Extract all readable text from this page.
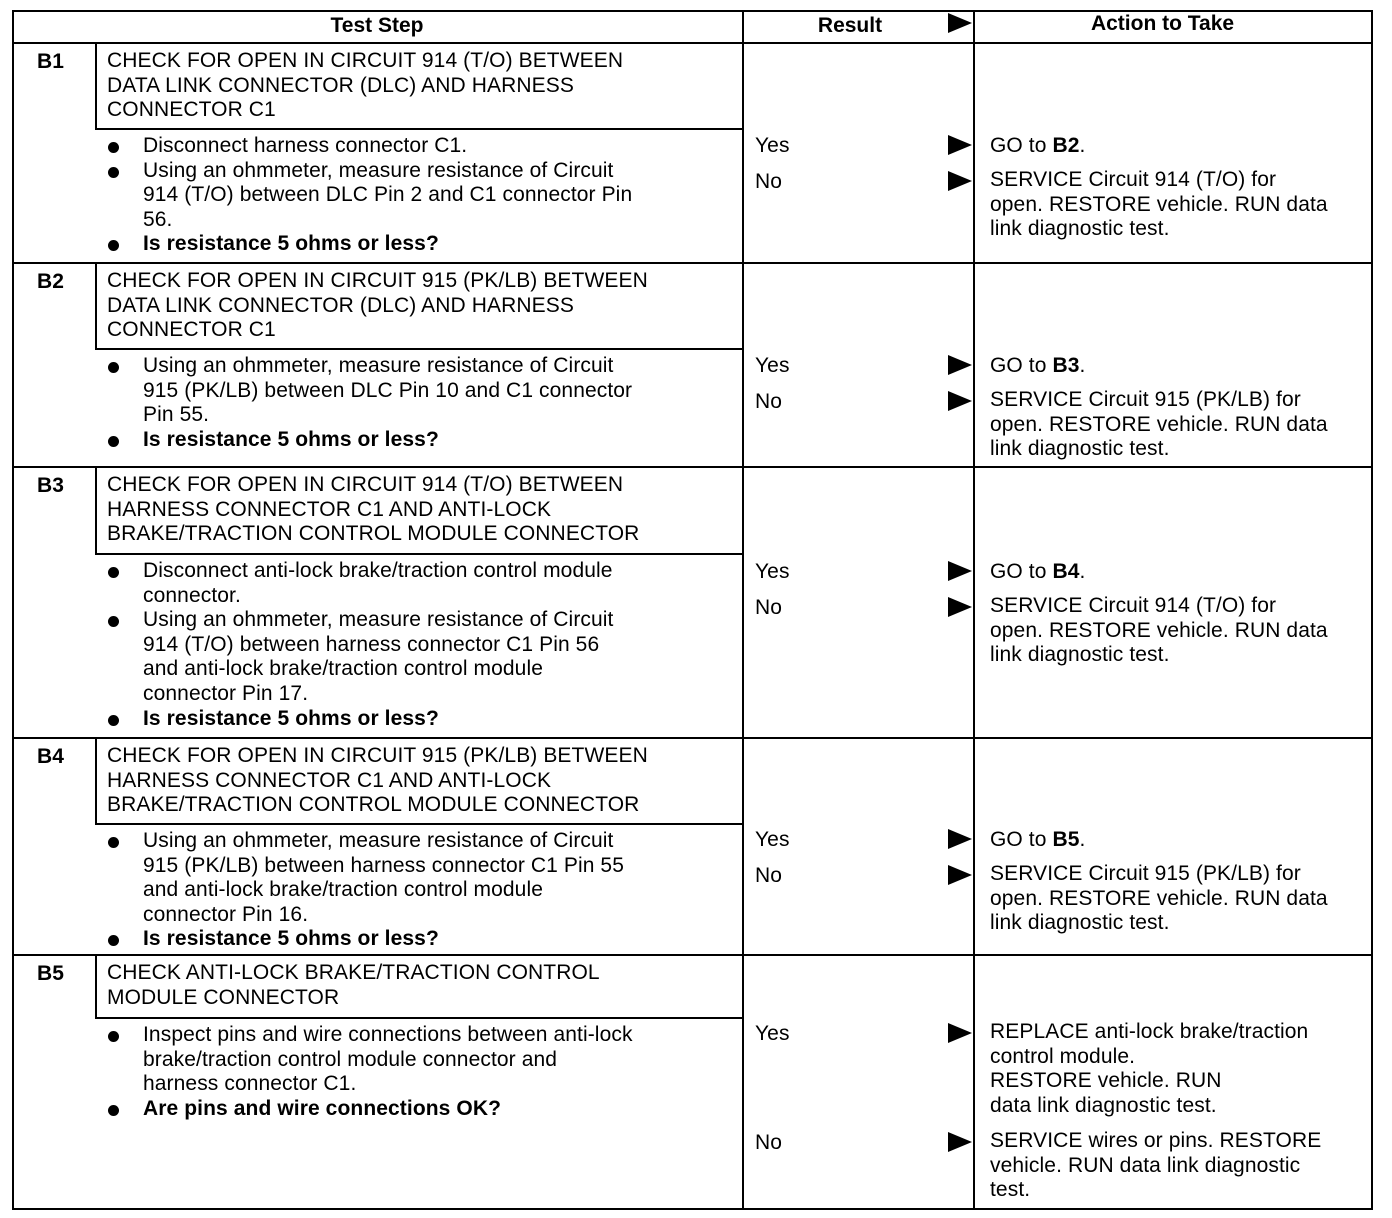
Test Step	Result	Action to Take
B1 CHECK FOR OPEN IN CIRCUIT 914 (T/O) BETWEEN
DATA LINK CONNECTOR (DLC) AND HARNESS
CONNECTOR C1
Disconnect harness connector C1.
Using an ohmmeter, measure resistance of Circuit
914 (T/O) between DLC Pin 2 and C1 connector Pin
56.
Is resistance 5 ohms or less?
Yes	GO to B2.
No	SERVICE Circuit 914 (T/O) for
open. RESTORE vehicle. RUN data
link diagnostic test.
B2 CHECK FOR OPEN IN CIRCUIT 915 (PK/LB) BETWEEN
DATA LINK CONNECTOR (DLC) AND HARNESS
CONNECTOR C1
Using an ohmmeter, measure resistance of Circuit
915 (PK/LB) between DLC Pin 10 and C1 connector
Pin 55.
Is resistance 5 ohms or less?
Yes	GO to B3.
No	SERVICE Circuit 915 (PK/LB) for
open. RESTORE vehicle. RUN data
link diagnostic test.
B3 CHECK FOR OPEN IN CIRCUIT 914 (T/O) BETWEEN
HARNESS CONNECTOR C1 AND ANTI-LOCK
BRAKE/TRACTION CONTROL MODULE CONNECTOR
Disconnect anti-lock brake/traction control module
connector.
Using an ohmmeter, measure resistance of Circuit
914 (T/O) between harness connector C1 Pin 56
and anti-lock brake/traction control module
connector Pin 17.
Is resistance 5 ohms or less?
Yes	GO to B4.
No	SERVICE Circuit 914 (T/O) for
open. RESTORE vehicle. RUN data
link diagnostic test.
B4 CHECK FOR OPEN IN CIRCUIT 915 (PK/LB) BETWEEN
HARNESS CONNECTOR C1 AND ANTI-LOCK
BRAKE/TRACTION CONTROL MODULE CONNECTOR
Using an ohmmeter, measure resistance of Circuit
915 (PK/LB) between harness connector C1 Pin 55
and anti-lock brake/traction control module
connector Pin 16.
Is resistance 5 ohms or less?
Yes	GO to B5.
No	SERVICE Circuit 915 (PK/LB) for
open. RESTORE vehicle. RUN data
link diagnostic test.
B5 CHECK ANTI-LOCK BRAKE/TRACTION CONTROL
MODULE CONNECTOR
Inspect pins and wire connections between anti-lock
brake/traction control module connector and
harness connector C1.
Are pins and wire connections OK?
Yes	REPLACE anti-lock brake/traction
control module.
RESTORE vehicle. RUN
data link diagnostic test.
No	SERVICE wires or pins. RESTORE
vehicle. RUN data link diagnostic
test.
